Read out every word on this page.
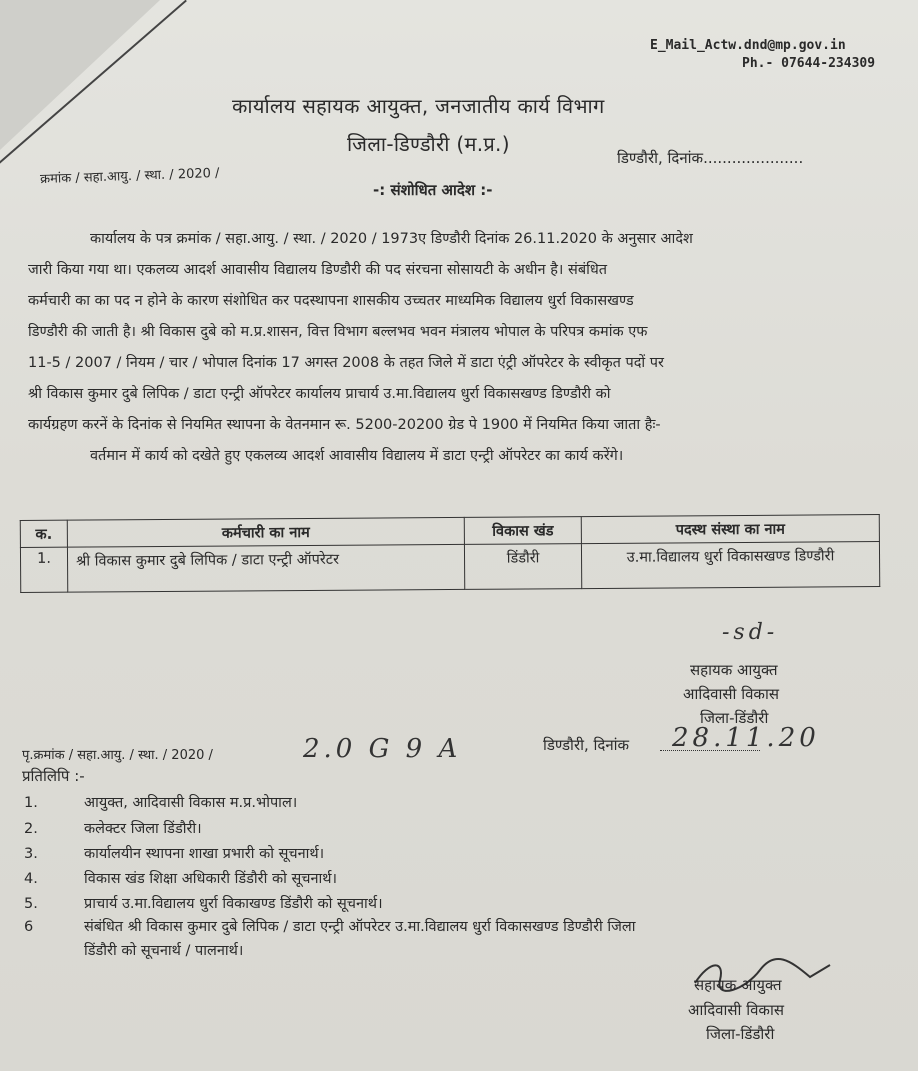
E_Mail_Actw.dnd@mp.gov.in
Ph.- 07644-234309
कार्यालय सहायक आयुक्त, जनजातीय कार्य विभाग
जिला-डिण्डौरी (म.प्र.)
क्रमांक / सहा.आयु. / स्था. / 2020 /
डिण्डौरी, दिनांक.....................
-: संशोधित आदेश :-
कार्यालय के पत्र क्रमांक / सहा.आयु. / स्था. / 2020 / 1973ए डिण्डौरी दिनांक 26.11.2020 के अनुसार आदेश
जारी किया गया था। एकलव्य आदर्श आवासीय विद्यालय डिण्डौरी की पद संरचना सोसायटी के अधीन है। संबंधित
कर्मचारी का का पद न होने के कारण संशोधित कर पदस्थापना शासकीय उच्चतर माध्यमिक विद्यालय धुर्रा विकासखण्ड
डिण्डौरी की जाती है। श्री विकास दुबे को म.प्र.शासन, वित्त विभाग बल्लभव भवन मंत्रालय भोपाल के परिपत्र कमांक एफ
11-5 / 2007 / नियम / चार / भोपाल दिनांक 17 अगस्त 2008 के तहत जिले में डाटा एंट्री ऑपरेटर के स्वीकृत पदों पर
श्री विकास कुमार दुबे लिपिक / डाटा एन्ट्री ऑपरेटर कार्यालय प्राचार्य उ.मा.विद्यालय धुर्रा विकासखण्ड डिण्डौरी को
कार्यग्रहण करनें के दिनांक से नियमित स्थापना के वेतनमान रू. 5200-20200 ग्रेड पे 1900 में नियमित किया जाता हैः-
वर्तमान में कार्य को दखेते हुए एकलव्य आदर्श आवासीय विद्यालय में डाटा एन्ट्री ऑपरेटर का कार्य करेंगे।
क.	कर्मचारी का नाम	विकास खंड	पदस्थ संस्था का नाम
1.	श्री विकास कुमार दुबे लिपिक / डाटा एन्ट्री ऑपरेटर	डिंडौरी	उ.मा.विद्यालय धुर्रा विकासखण्ड डिण्डौरी
-sd-
सहायक आयुक्त
आदिवासी विकास
जिला-डिंडौरी
पृ.क्रमांक / सहा.आयु. / स्था. / 2020 /	2.0 G 9 A	डिण्डौरी, दिनांक 28.11.20
प्रतिलिपि :-
1.	आयुक्त, आदिवासी विकास म.प्र.भोपाल।
2.	कलेक्टर जिला डिंडौरी।
3.	कार्यालयीन स्थापना शाखा प्रभारी को सूचनार्थ।
4.	विकास खंड शिक्षा अधिकारी डिंडौरी को सूचनार्थ।
5.	प्राचार्य उ.मा.विद्यालय धुर्रा विकाखण्ड डिंडौरी को सूचनार्थ।
6	संबंधित श्री विकास कुमार दुबे लिपिक / डाटा एन्ट्री ऑपरेटर उ.मा.विद्यालय धुर्रा विकासखण्ड डिण्डौरी जिला
डिंडौरी को सूचनार्थ / पालनार्थ।
सहायक आयुक्त
आदिवासी विकास
जिला-डिंडौरी
